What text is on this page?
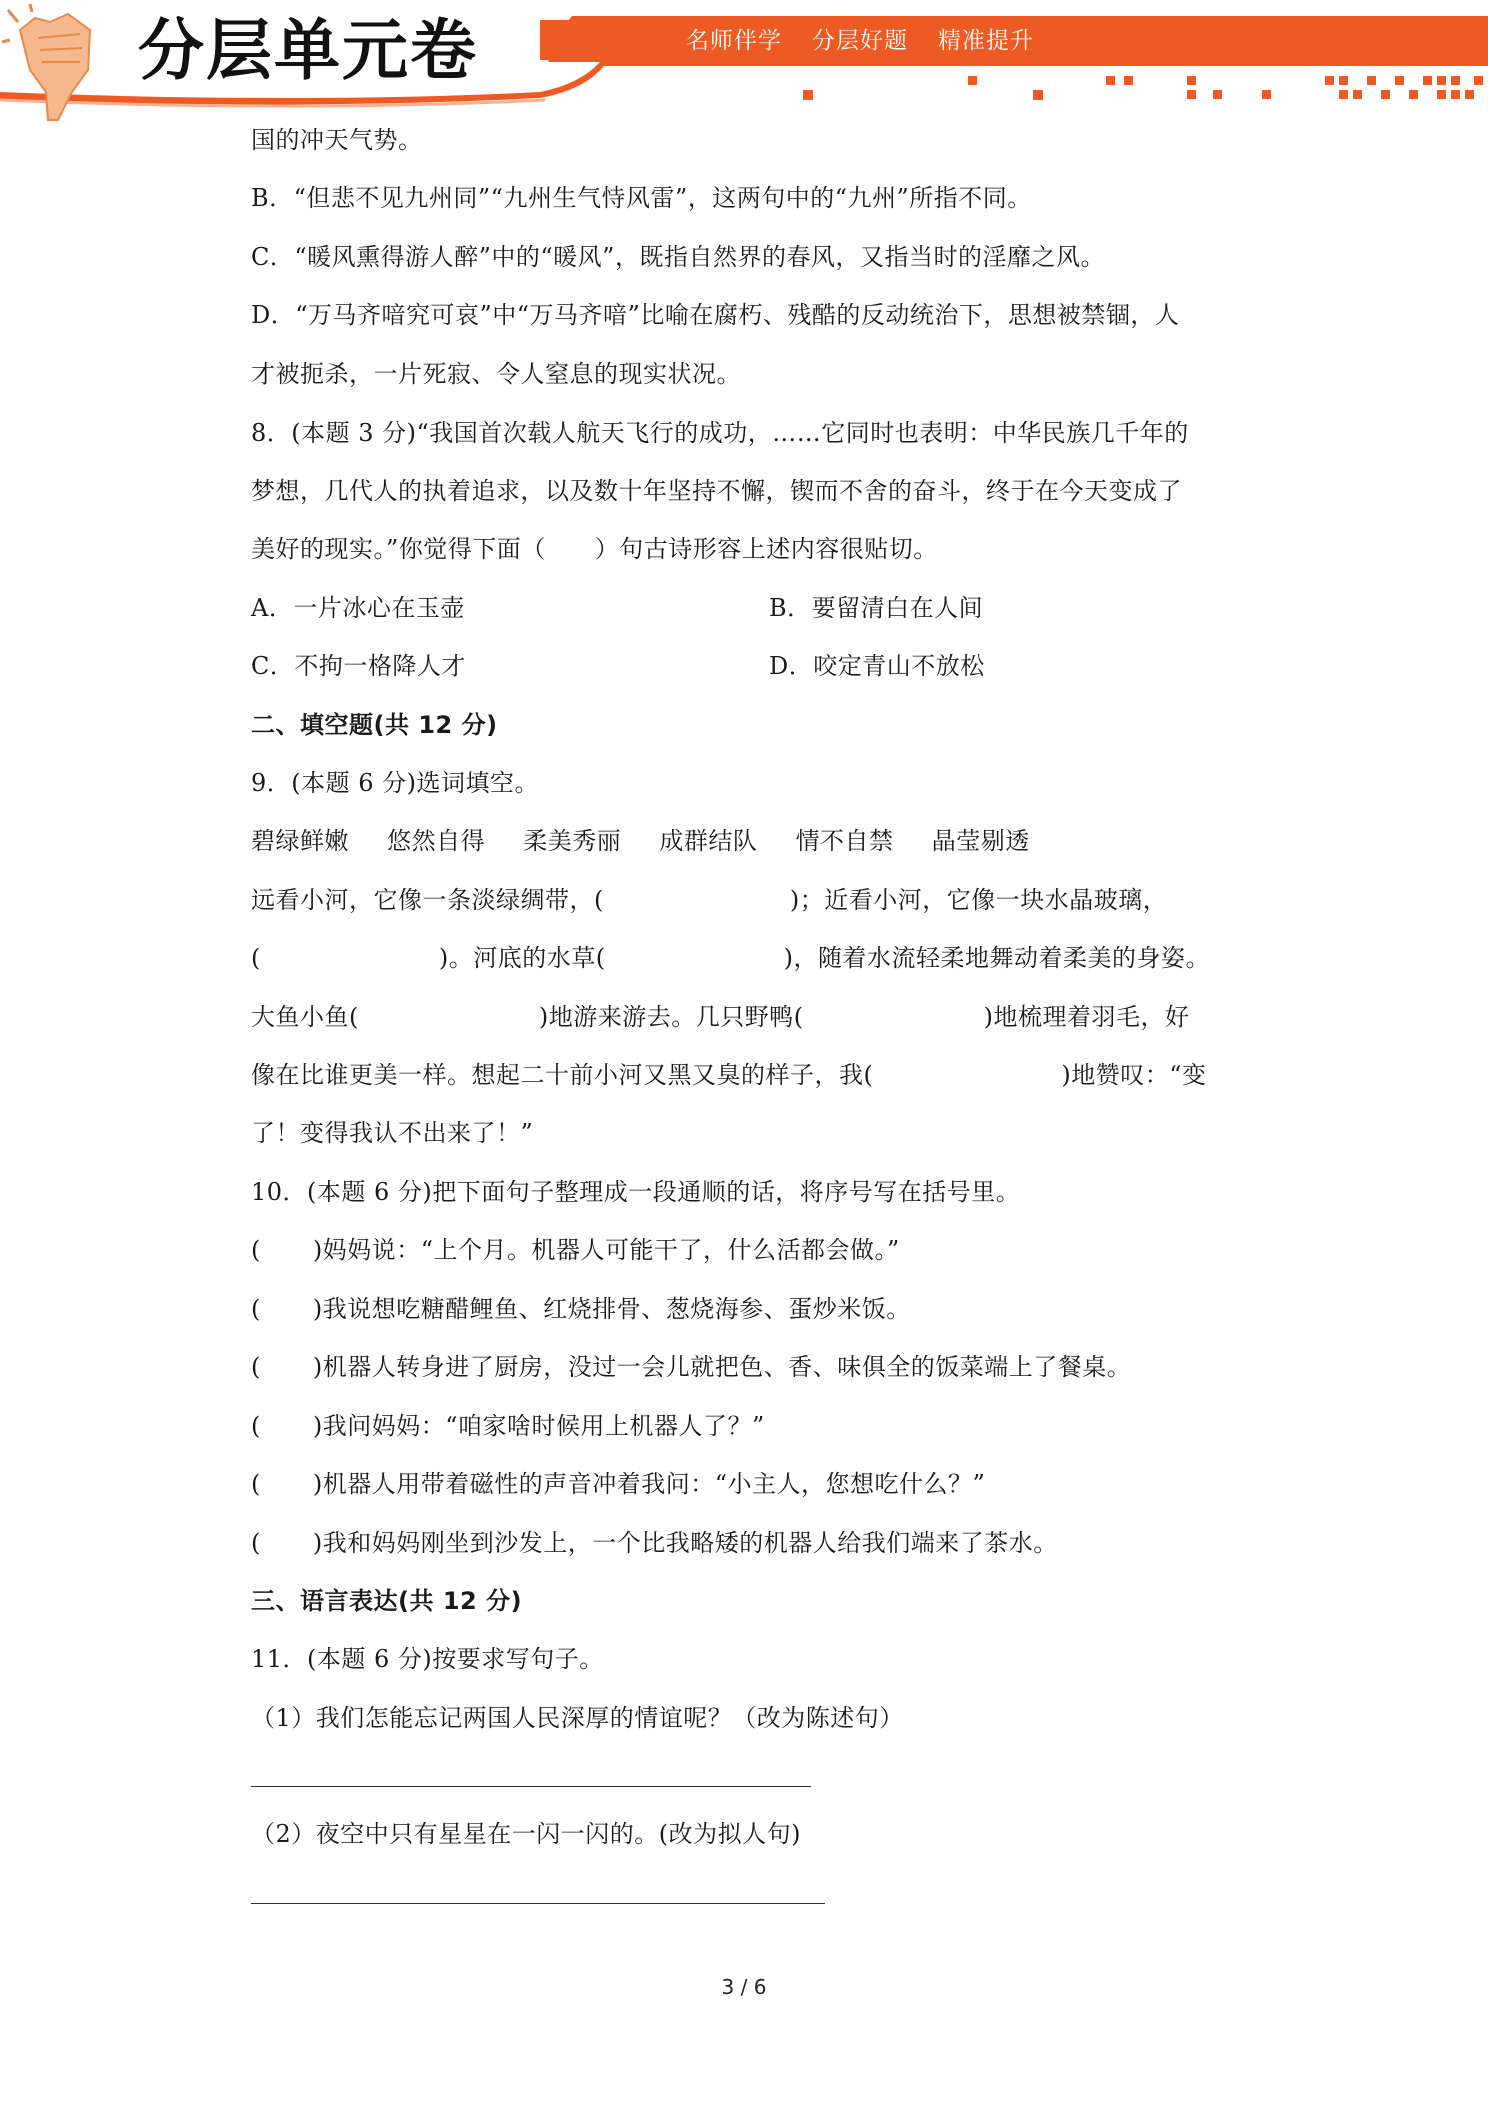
分层单元卷	名师伴学 分层好题 精准提升
国的冲天气势。
B．“但悲不见九州同”“九州生气恃风雷”，这两句中的“九州”所指不同。
C．“暖风熏得游人醉”中的“暖风”，既指自然界的春风，又指当时的淫靡之风。
D．“万马齐喑究可哀”中“万马齐喑”比喻在腐朽、残酷的反动统治下，思想被禁锢，人
才被扼杀，一片死寂、令人窒息的现实状况。
8．(本题 3 分)“我国首次载人航天飞行的成功，……它同时也表明：中华民族几千年的
梦想，几代人的执着追求，以及数十年坚持不懈，锲而不舍的奋斗，终于在今天变成了
美好的现实。”你觉得下面（　　）句古诗形容上述内容很贴切。
A．一片冰心在玉壶	B．要留清白在人间
C．不拘一格降人才	D．咬定青山不放松
二、填空题(共 12 分)
9．(本题 6 分)选词填空。
碧绿鲜嫩 悠然自得 柔美秀丽 成群结队 情不自禁 晶莹剔透
远看小河，它像一条淡绿绸带，(	)；近看小河，它像一块水晶玻璃，
(	)。河底的水草(	)，随着水流轻柔地舞动着柔美的身姿。
大鱼小鱼(	)地游来游去。几只野鸭(	)地梳理着羽毛，好
像在比谁更美一样。想起二十前小河又黑又臭的样子，我(	)地赞叹：“变
了！变得我认不出来了！”
10．(本题 6 分)把下面句子整理成一段通顺的话，将序号写在括号里。
( )妈妈说：“上个月。机器人可能干了，什么活都会做。”
( )我说想吃糖醋鲤鱼、红烧排骨、葱烧海参、蛋炒米饭。
( )机器人转身进了厨房，没过一会儿就把色、香、味俱全的饭菜端上了餐桌。
( )我问妈妈：“咱家啥时候用上机器人了？”
( )机器人用带着磁性的声音冲着我问：“小主人，您想吃什么？”
( )我和妈妈刚坐到沙发上，一个比我略矮的机器人给我们端来了茶水。
三、语言表达(共 12 分)
11．(本题 6 分)按要求写句子。
（1）我们怎能忘记两国人民深厚的情谊呢？（改为陈述句）
（2）夜空中只有星星在一闪一闪的。(改为拟人句)
3 / 6
